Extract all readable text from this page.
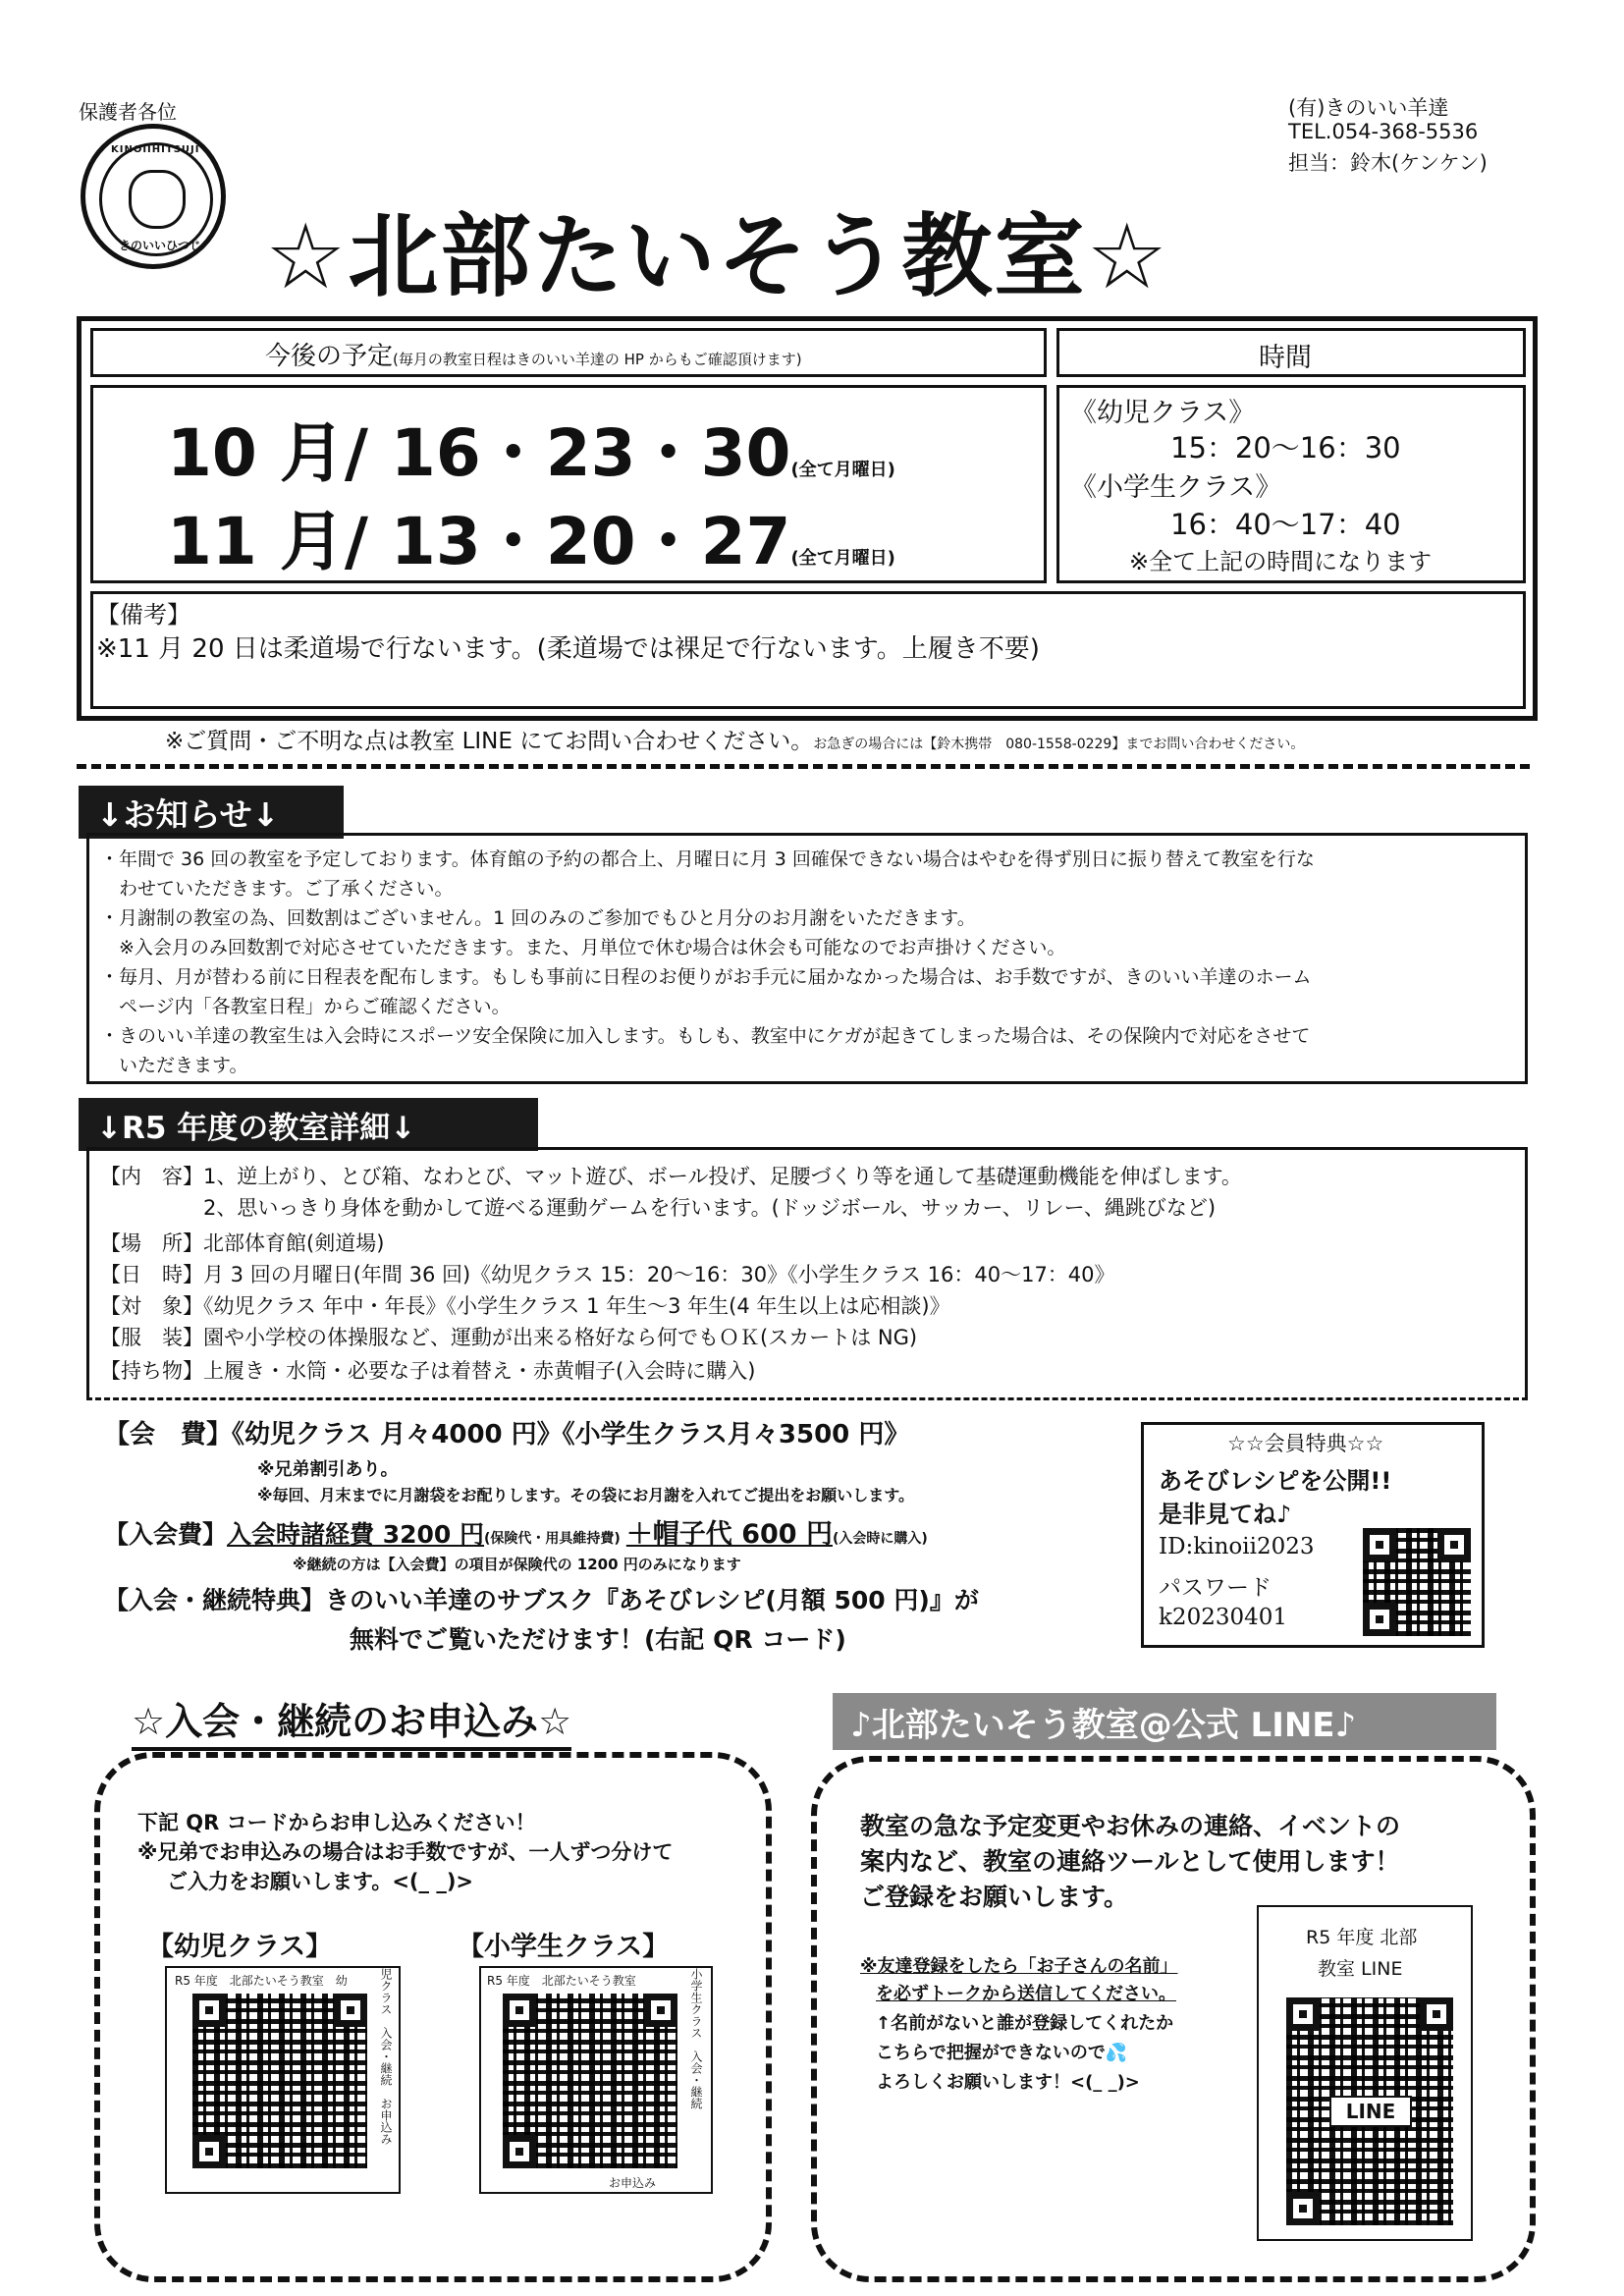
保護者各位
KINOIIHITSUJI
きのいいひつじ ☆北部たいそう教室☆
(有)きのいい羊達
TEL.054-368-5536
担当：鈴木(ケンケン)
今後の予定(毎月の教室日程はきのいい羊達の HP からもご確認頂けます)	時間
10 月/ 16・23・30(全て月曜日)
11 月/ 13・20・27(全て月曜日)
《幼児クラス》
15：20〜16：30
《小学生クラス》
16：40〜17：40
※全て上記の時間になります
【備考】
※11 月 20 日は柔道場で行ないます。(柔道場では裸足で行ないます。上履き不要)
※ご質問・ご不明な点は教室 LINE にてお問い合わせください。お急ぎの場合には【鈴木携帯　080-1558-0229】までお問い合わせください。
↓お知らせ↓
・年間で 36 回の教室を予定しております。体育館の予約の都合上、月曜日に月 3 回確保できない場合はやむを得ず別日に振り替えて教室を行な
　わせていただきます。ご了承ください。
・月謝制の教室の為、回数割はございません。1 回のみのご参加でもひと月分のお月謝をいただきます。
　※入会月のみ回数割で対応させていただきます。また、月単位で休む場合は休会も可能なのでお声掛けください。
・毎月、月が替わる前に日程表を配布します。もしも事前に日程のお便りがお手元に届かなかった場合は、お手数ですが、きのいい羊達のホーム
　ページ内「各教室日程」からご確認ください。
・きのいい羊達の教室生は入会時にスポーツ安全保険に加入します。もしも、教室中にケガが起きてしまった場合は、その保険内で対応をさせて
　いただきます。
↓R5 年度の教室詳細↓
【内　容】1、逆上がり、とび箱、なわとび、マット遊び、ボール投げ、足腰づくり等を通して基礎運動機能を伸ばします。
　　　　　2、思いっきり身体を動かして遊べる運動ゲームを行います。(ドッジボール、サッカー、リレー、縄跳びなど)
【場　所】北部体育館(剣道場)
【日　時】月 3 回の月曜日(年間 36 回)《幼児クラス 15：20〜16：30》《小学生クラス 16：40〜17：40》
【対　象】《幼児クラス 年中・年長》《小学生クラス 1 年生〜3 年生(4 年生以上は応相談)》
【服　装】園や小学校の体操服など、運動が出来る格好なら何でもＯＫ(スカートは NG)
【持ち物】上履き・水筒・必要な子は着替え・赤黄帽子(入会時に購入)
【会　費】《幼児クラス 月々4000 円》《小学生クラス月々3500 円》
※兄弟割引あり。
※毎回、月末までに月謝袋をお配りします。その袋にお月謝を入れてご提出をお願いします。
【入会費】入会時諸経費 3200 円(保険代・用具維持費) ＋帽子代 600 円(入会時に購入)
※継続の方は【入会費】の項目が保険代の 1200 円のみになります
【入会・継続特典】きのいい羊達のサブスク『あそびレシピ(月額 500 円)』が
無料でご覧いただけます！(右記 QR コード)
☆☆会員特典☆☆
あそびレシピを公開!!
是非見てね♪
ID:kinoii2023
パスワード
k20230401
☆入会・継続のお申込み☆
下記 QR コードからお申し込みください！
※兄弟でお申込みの場合はお手数ですが、一人ずつ分けて
ご入力をお願いします。<(_ _)>
【幼児クラス】	【小学生クラス】
R5 年度　北部たいそう教室　幼	児クラス　入会・継続　お申込み	R5 年度　北部たいそう教室	小学生クラス　入会・継続
お申込み
♪北部たいそう教室@公式 LINE♪
教室の急な予定変更やお休みの連絡、イベントの
案内など、教室の連絡ツールとして使用します！
ご登録をお願いします。
※友達登録をしたら「お子さんの名前」
を必ずトークから送信してください。
↑名前がないと誰が登録してくれたか
こちらで把握ができないので💦
よろしくお願いします！<(_ _)>
R5 年度 北部
教室 LINE
LINE
